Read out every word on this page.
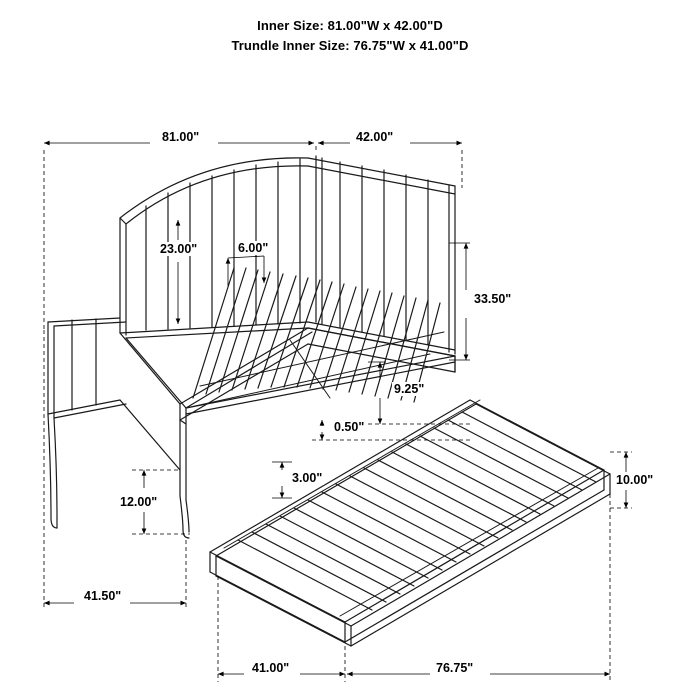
Inner Size: 81.00"W x 42.00"D
Trundle Inner Size: 76.75"W x 41.00"D
81.00"	42.00"
23.00"	6.00"
33.50"
9.25"
0.50"
3.00"	10.00"
12.00"
41.50"
41.00"	76.75"
